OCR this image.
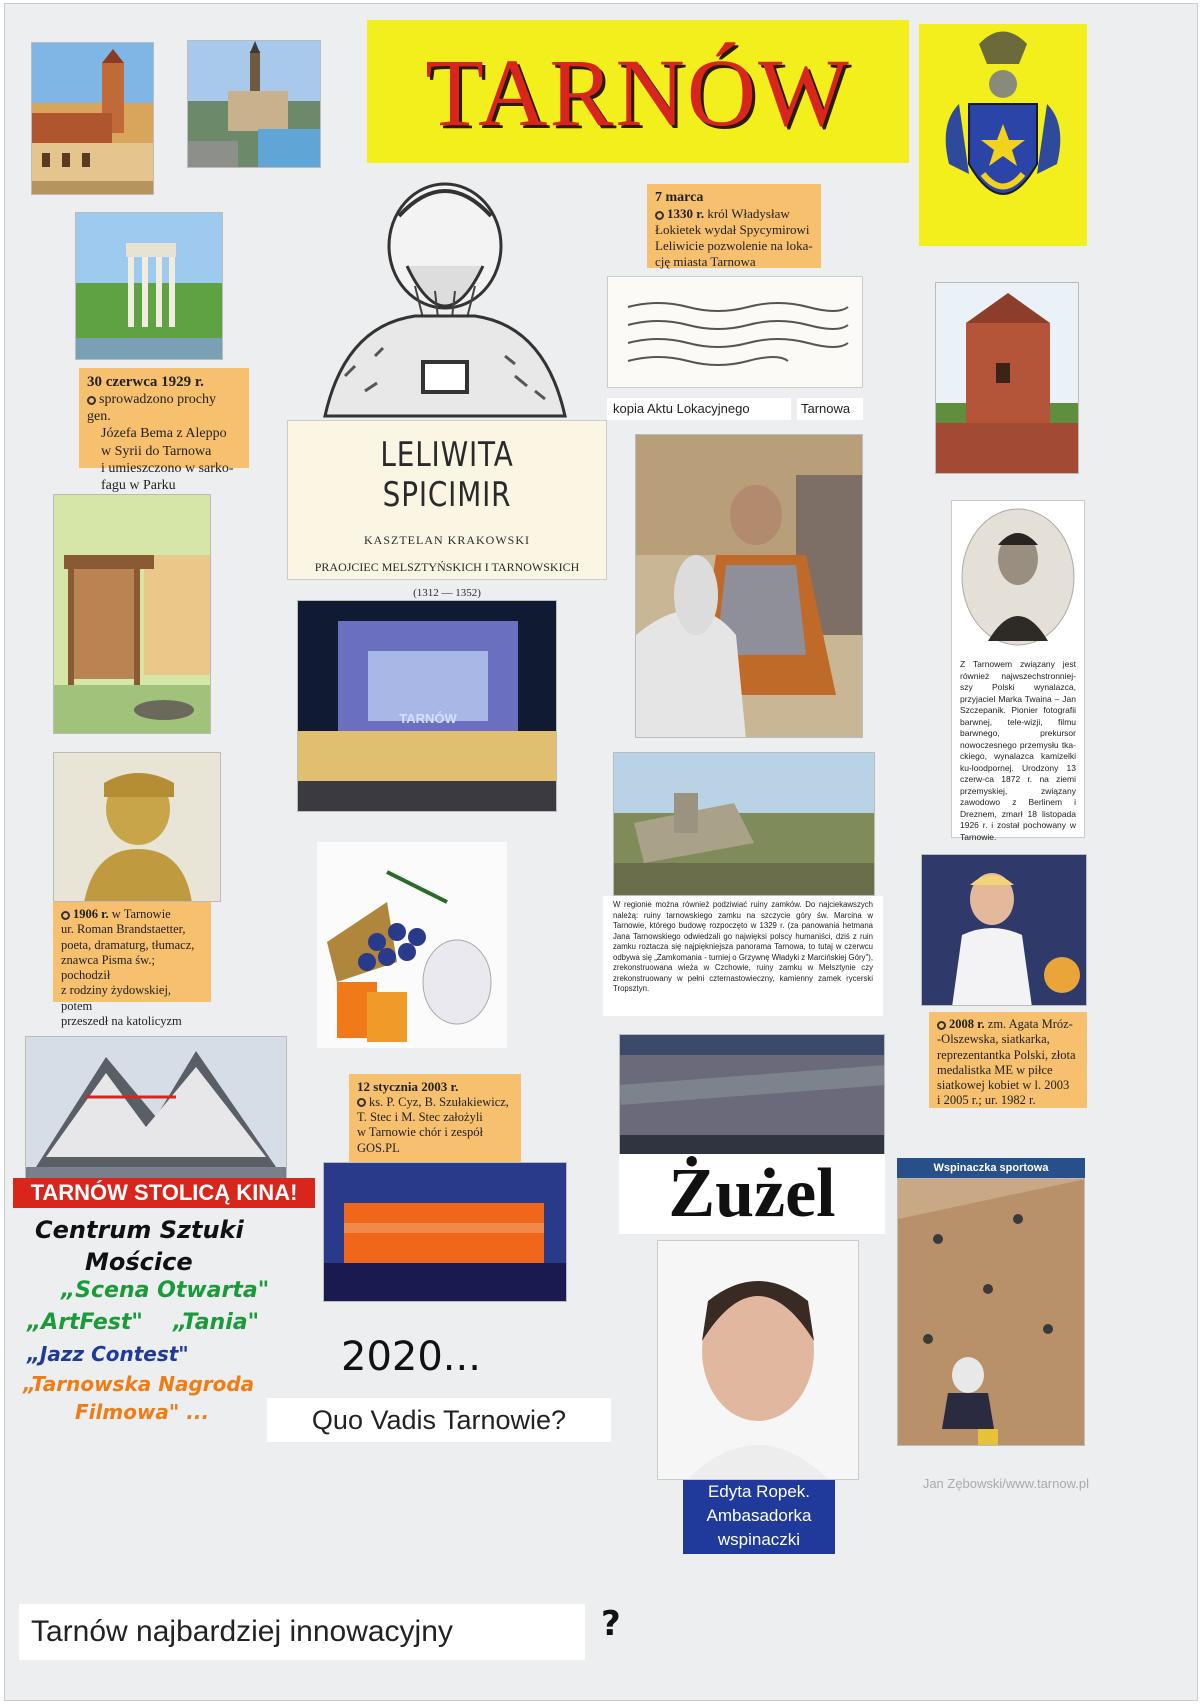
TARNÓW
30 czerwca 1929 r.
sprowadzono prochy gen.
Józefa Bema z Aleppo
w Syrii do Tarnowa
i umieszczono w sarko-
fagu w Parku
7 marca
1330 r. król Władysław
Łokietek wydał Spycymirowi
Leliwicie pozwolenie na loka-
cję miasta Tarnowa
kopia Aktu Lokacyjnego	Tarnowa
LELIWITA SPICIMIR
KASZTELAN KRAKOWSKI
PRAOJCIEC MELSZTYŃSKICH I TARNOWSKICH
(1312 — 1352)
Z Tarnowem związany jest również najwszechstronniej-szy Polski wynalazca, przyjaciel Marka Twaina – Jan Szczepanik. Pionier fotografii barwnej, tele-wizji, filmu barwnego, prekursor nowoczesnego przemysłu tka-ckiego, wynalazca kamizelki ku-loodpornej. Urodzony 13 czerw-ca 1872 r. na ziemi przemyskiej, związany zawodowo z Berlinem i Dreznem, zmarł 18 listopada 1926 r. i został pochowany w Tarnowie.
TARNÓW
W regionie można również podziwiać ruiny zamków. Do najciekawszych należą: ruiny tarnowskiego zamku na szczycie góry św. Marcina w Tarnowie, którego budowę rozpoczęto w 1329 r. (za panowania hetmana Jana Tarnowskiego odwiedzali go najwięksi polscy humaniści, dziś z ruin zamku roztacza się najpiękniejsza panorama Tarnowa, to tutaj w czerwcu odbywa się „Zamkomania - turniej o Grzywnę Władyki z Marcińskiej Góry"), zrekonstruowana wieża w Czchowie, ruiny zamku w Melsztynie czy zrekonstruowany w pełni czternastowieczny, kamienny zamek rycerski Tropsztyn.
1906 r. w Tarnowie
ur. Roman Brandstaetter,
poeta, dramaturg, tłumacz,
znawca Pisma św.; pochodził
z rodziny żydowskiej, potem
przeszedł na katolicyzm	2008 r. zm. Agata Mróz-
-Olszewska, siatkarka,
reprezentantka Polski, złota
medalistka ME w piłce
siatkowej kobiet w l. 2003
i 2005 r.; ur. 1982 r.
TARNÓW STOLICĄ KINA!
12 stycznia 2003 r.
ks. P. Cyz, B. Szułakiewicz,
T. Stec i M. Stec założyli
w Tarnowie chór i zespół
GOS.PL
Żużel	Wspinaczka sportowa
Edyta Ropek.
Ambasadorka
wspinaczki
Jan Zębowski/www.tarnow.pl
Centrum Sztuki
Mościce
„Scena Otwarta"
„ArtFest" „Tania"
„Jazz Contest"
„Tarnowska Nagroda
Filmowa" ...
2020...
Quo Vadis Tarnowie?
Tarnów najbardziej innowacyjny	?
